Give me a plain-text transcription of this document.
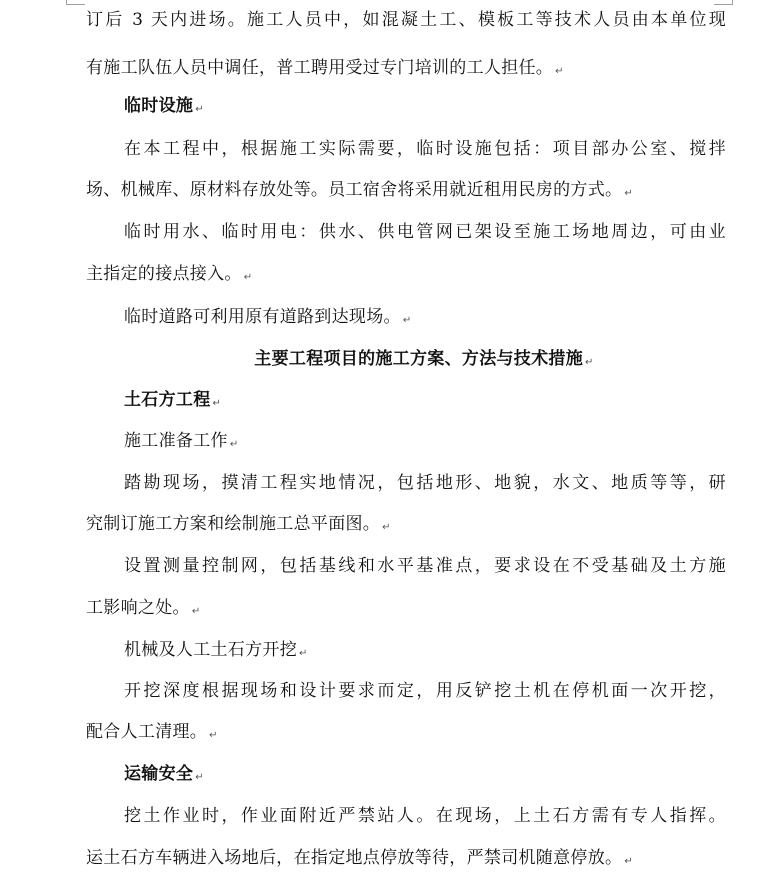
订后 3 天内进场。施工人员中，如混凝土工、模板工等技术人员由本单位现
有施工队伍人员中调任，普工聘用受过专门培训的工人担任。 ↵
临时设施 ↵
在本工程中，根据施工实际需要，临时设施包括：项目部办公室、搅拌
场、机械库、原材料存放处等。员工宿舍将采用就近租用民房的方式。 ↵
临时用水、临时用电：供水、供电管网已架设至施工场地周边，可由业
主指定的接点接入。 ↵
临时道路可利用原有道路到达现场。 ↵
主要工程项目的施工方案、方法与技术措施 ↵
土石方工程 ↵
施工准备工作 ↵
踏勘现场，摸清工程实地情况，包括地形、地貌，水文、地质等等，研
究制订施工方案和绘制施工总平面图。 ↵
设置测量控制网，包括基线和水平基准点，要求设在不受基础及土方施
工影响之处。 ↵
机械及人工土石方开挖 ↵
开挖深度根据现场和设计要求而定，用反铲挖土机在停机面一次开挖，
配合人工清理。 ↵
运输安全 ↵
挖土作业时，作业面附近严禁站人。在现场，上土石方需有专人指挥。
运土石方车辆进入场地后，在指定地点停放等待，严禁司机随意停放。 ↵
